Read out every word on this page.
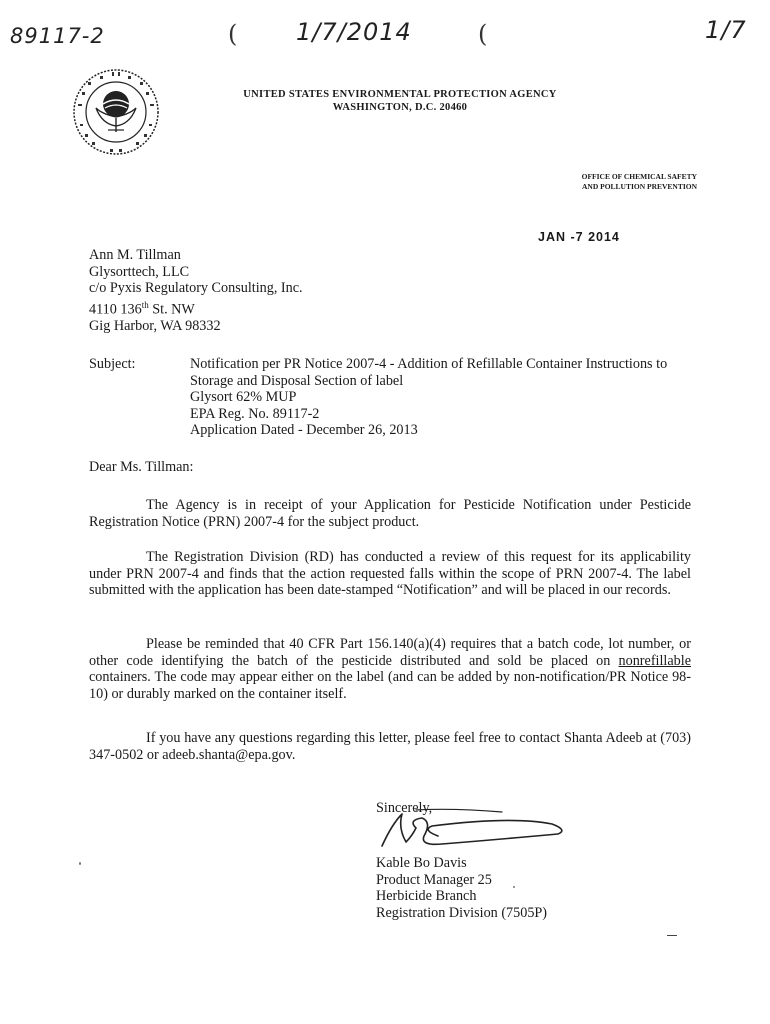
89117-2	( 1/7/2014	(	1/7
UNITED STATES ENVIRONMENTAL PROTECTION AGENCY
WASHINGTON, D.C. 20460
OFFICE OF CHEMICAL SAFETY
AND POLLUTION PREVENTION
JAN -7 2014
Ann M. Tillman
Glysorttech, LLC
c/o Pyxis Regulatory Consulting, Inc.
4110 136th St. NW
Gig Harbor, WA 98332
Subject:	Notification per PR Notice 2007-4 - Addition of Refillable Container Instructions to
Storage and Disposal Section of label
Glysort 62% MUP
EPA Reg. No. 89117-2
Application Dated - December 26, 2013
Dear Ms. Tillman:

The Agency is in receipt of your Application for Pesticide Notification under Pesticide Registration Notice (PRN) 2007-4 for the subject product.

The Registration Division (RD) has conducted a review of this request for its applicability under PRN 2007-4 and finds that the action requested falls within the scope of PRN 2007-4. The label submitted with the application has been date-stamped “Notification” and will be placed in our records.

Please be reminded that 40 CFR Part 156.140(a)(4) requires that a batch code, lot number, or other code identifying the batch of the pesticide distributed and sold be placed on nonrefillable containers. The code may appear either on the label (and can be added by non-notification/PR Notice 98-10) or durably marked on the container itself.

If you have any questions regarding this letter, please feel free to contact Shanta Adeeb at (703) 347-0502 or adeeb.shanta@epa.gov.

Sincerely,
Kable Bo Davis
Product Manager 25
Herbicide Branch
Registration Division (7505P)
